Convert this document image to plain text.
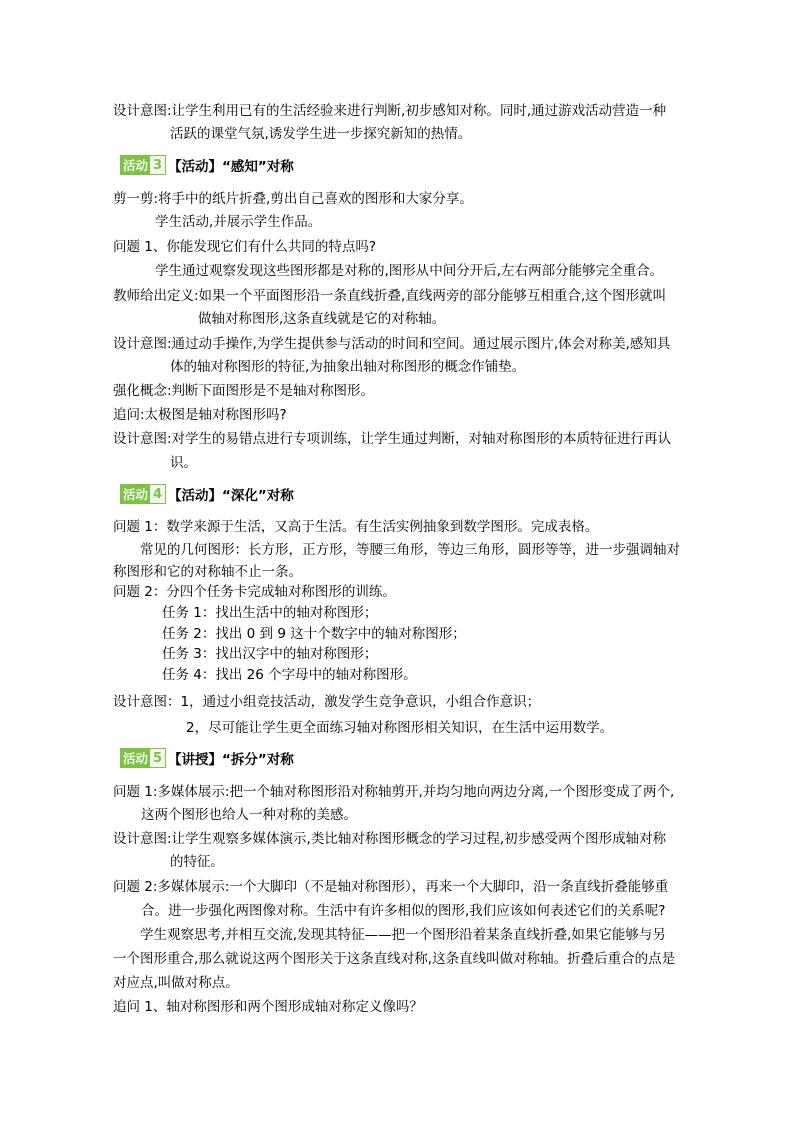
设计意图:让学生利用已有的生活经验来进行判断,初步感知对称。同时,通过游戏活动营造一种
活跃的课堂气氛,诱发学生进一步探究新知的热情。
活动 3 【活动】“感知”对称
剪一剪:将手中的纸片折叠,剪出自己喜欢的图形和大家分享。
学生活动,并展示学生作品。
问题 1、你能发现它们有什么共同的特点吗?
学生通过观察发现这些图形都是对称的,图形从中间分开后,左右两部分能够完全重合。
教师给出定义:如果一个平面图形沿一条直线折叠,直线两旁的部分能够互相重合,这个图形就叫
做轴对称图形,这条直线就是它的对称轴。
设计意图:通过动手操作,为学生提供参与活动的时间和空间。通过展示图片,体会对称美,感知具
体的轴对称图形的特征,为抽象出轴对称图形的概念作铺垫。
强化概念:判断下面图形是不是轴对称图形。
追问:太极图是轴对称图形吗?
设计意图:对学生的易错点进行专项训练，让学生通过判断，对轴对称图形的本质特征进行再认
识。
活动 4 【活动】“深化”对称
问题 1：数学来源于生活，又高于生活。有生活实例抽象到数学图形。完成表格。
常见的几何图形：长方形，正方形，等腰三角形，等边三角形，圆形等等，进一步强调轴对
称图形和它的对称轴不止一条。
问题 2：分四个任务卡完成轴对称图形的训练。
任务 1：找出生活中的轴对称图形；
任务 2：找出 0 到 9 这十个数字中的轴对称图形；
任务 3：找出汉字中的轴对称图形；
任务 4：找出 26 个字母中的轴对称图形。
设计意图：1，通过小组竞技活动，激发学生竞争意识，小组合作意识；
2，尽可能让学生更全面练习轴对称图形相关知识，在生活中运用数学。
活动 5 【讲授】“拆分”对称
问题 1:多媒体展示:把一个轴对称图形沿对称轴剪开,并均匀地向两边分离,一个图形变成了两个,
这两个图形也给人一种对称的美感。
设计意图:让学生观察多媒体演示,类比轴对称图形概念的学习过程,初步感受两个图形成轴对称
的特征。
问题 2:多媒体展示:一个大脚印（不是轴对称图形），再来一个大脚印，沿一条直线折叠能够重
合。进一步强化两图像对称。生活中有许多相似的图形,我们应该如何表述它们的关系呢?
学生观察思考,并相互交流,发现其特征——把一个图形沿着某条直线折叠,如果它能够与另
一个图形重合,那么就说这两个图形关于这条直线对称,这条直线叫做对称轴。折叠后重合的点是
对应点,叫做对称点。
追问 1、轴对称图形和两个图形成轴对称定义像吗？
